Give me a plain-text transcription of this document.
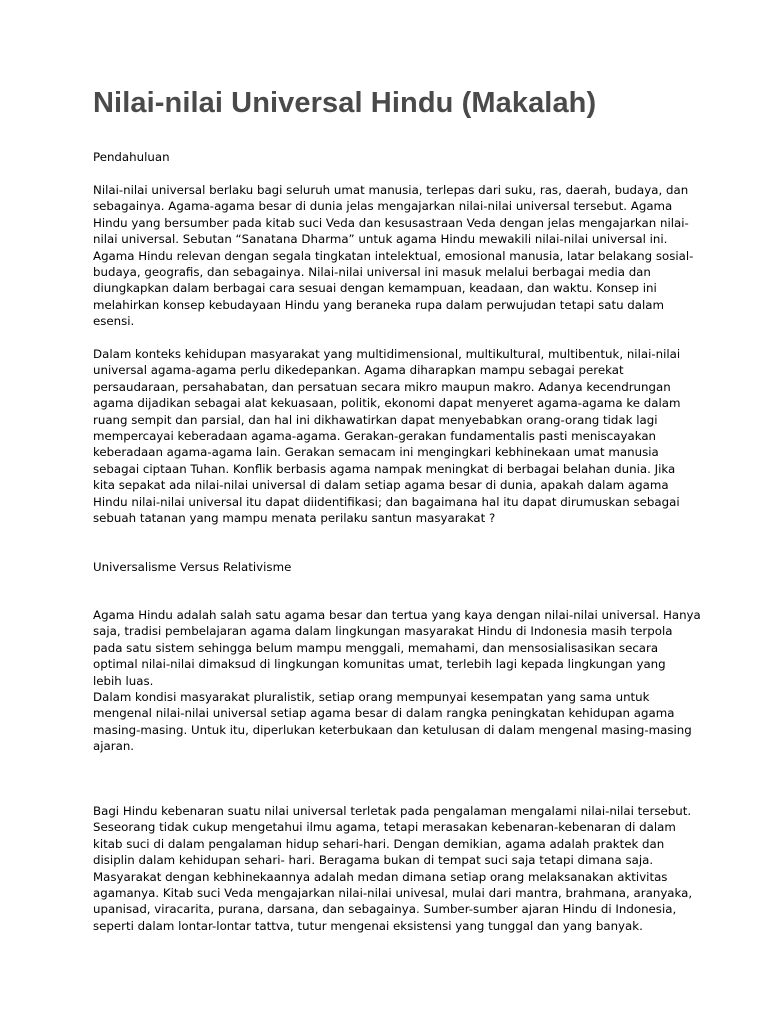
Nilai-nilai Universal Hindu (Makalah)
Pendahuluan
Nilai-nilai universal berlaku bagi seluruh umat manusia, terlepas dari suku, ras, daerah, budaya, dan
sebagainya. Agama-agama besar di dunia jelas mengajarkan nilai-nilai universal tersebut. Agama
Hindu yang bersumber pada kitab suci Veda dan kesusastraan Veda dengan jelas mengajarkan nilai-
nilai universal. Sebutan “Sanatana Dharma” untuk agama Hindu mewakili nilai-nilai universal ini.
Agama Hindu relevan dengan segala tingkatan intelektual, emosional manusia, latar belakang sosial-
budaya, geografis, dan sebagainya. Nilai-nilai universal ini masuk melalui berbagai media dan
diungkapkan dalam berbagai cara sesuai dengan kemampuan, keadaan, dan waktu. Konsep ini
melahirkan konsep kebudayaan Hindu yang beraneka rupa dalam perwujudan tetapi satu dalam
esensi.
Dalam konteks kehidupan masyarakat yang multidimensional, multikultural, multibentuk, nilai-nilai
universal agama-agama perlu dikedepankan. Agama diharapkan mampu sebagai perekat
persaudaraan, persahabatan, dan persatuan secara mikro maupun makro. Adanya kecendrungan
agama dijadikan sebagai alat kekuasaan, politik, ekonomi dapat menyeret agama-agama ke dalam
ruang sempit dan parsial, dan hal ini dikhawatirkan dapat menyebabkan orang-orang tidak lagi
mempercayai keberadaan agama-agama. Gerakan-gerakan fundamentalis pasti meniscayakan
keberadaan agama-agama lain. Gerakan semacam ini mengingkari kebhinekaan umat manusia
sebagai ciptaan Tuhan. Konflik berbasis agama nampak meningkat di berbagai belahan dunia. Jika
kita sepakat ada nilai-nilai universal di dalam setiap agama besar di dunia, apakah dalam agama
Hindu nilai-nilai universal itu dapat diidentifikasi; dan bagaimana hal itu dapat dirumuskan sebagai
sebuah tatanan yang mampu menata perilaku santun masyarakat ?
Universalisme Versus Relativisme
Agama Hindu adalah salah satu agama besar dan tertua yang kaya dengan nilai-nilai universal. Hanya
saja, tradisi pembelajaran agama dalam lingkungan masyarakat Hindu di Indonesia masih terpola
pada satu sistem sehingga belum mampu menggali, memahami, dan mensosialisasikan secara
optimal nilai-nilai dimaksud di lingkungan komunitas umat, terlebih lagi kepada lingkungan yang
lebih luas.
Dalam kondisi masyarakat pluralistik, setiap orang mempunyai kesempatan yang sama untuk
mengenal nilai-nilai universal setiap agama besar di dalam rangka peningkatan kehidupan agama
masing-masing. Untuk itu, diperlukan keterbukaan dan ketulusan di dalam mengenal masing-masing
ajaran.
Bagi Hindu kebenaran suatu nilai universal terletak pada pengalaman mengalami nilai-nilai tersebut.
Seseorang tidak cukup mengetahui ilmu agama, tetapi merasakan kebenaran-kebenaran di dalam
kitab suci di dalam pengalaman hidup sehari-hari. Dengan demikian, agama adalah praktek dan
disiplin dalam kehidupan sehari- hari. Beragama bukan di tempat suci saja tetapi dimana saja.
Masyarakat dengan kebhinekaannya adalah medan dimana setiap orang melaksanakan aktivitas
agamanya. Kitab suci Veda mengajarkan nilai-nilai univesal, mulai dari mantra, brahmana, aranyaka,
upanisad, viracarita, purana, darsana, dan sebagainya. Sumber-sumber ajaran Hindu di Indonesia,
seperti dalam lontar-lontar tattva, tutur mengenai eksistensi yang tunggal dan yang banyak.
